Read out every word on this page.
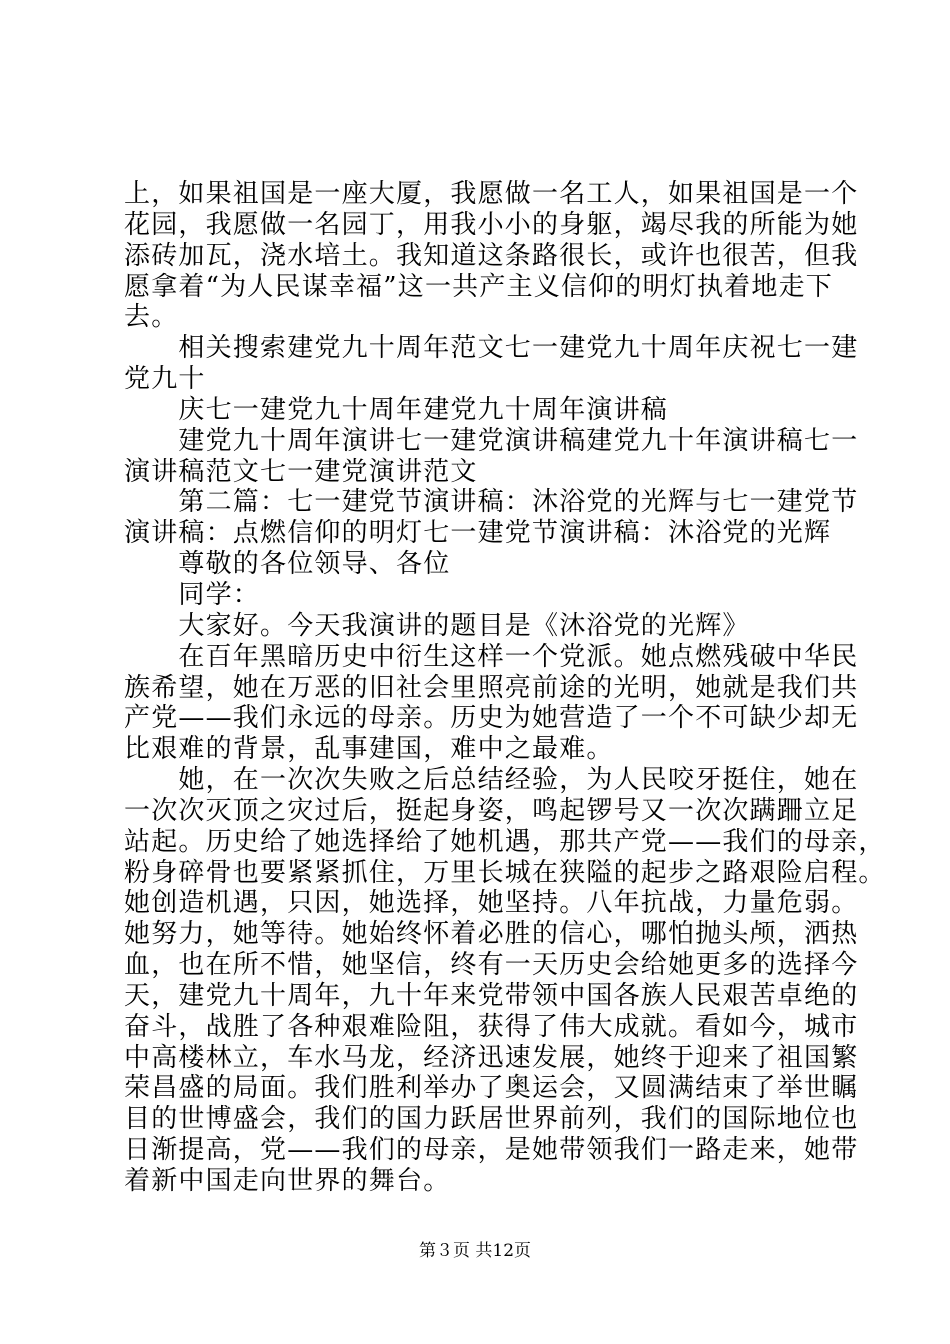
上，如果祖国是一座大厦，我愿做一名工人，如果祖国是一个
花园，我愿做一名园丁，用我小小的身躯，竭尽我的所能为她
添砖加瓦，浇水培土。我知道这条路很长，或许也很苦，但我
愿拿着“为人民谋幸福”这一共产主义信仰的明灯执着地走下
去。
　　相关搜索建党九十周年范文七一建党九十周年庆祝七一建
党九十
　　庆七一建党九十周年建党九十周年演讲稿
　　建党九十周年演讲七一建党演讲稿建党九十年演讲稿七一
演讲稿范文七一建党演讲范文
　　第二篇：七一建党节演讲稿：沐浴党的光辉与七一建党节
演讲稿：点燃信仰的明灯七一建党节演讲稿：沐浴党的光辉
　　尊敬的各位领导、各位
　　同学：
　　大家好。今天我演讲的题目是《沐浴党的光辉》
　　在百年黑暗历史中衍生这样一个党派。她点燃残破中华民
族希望，她在万恶的旧社会里照亮前途的光明，她就是我们共
产党——我们永远的母亲。历史为她营造了一个不可缺少却无
比艰难的背景，乱事建国，难中之最难。
　　她，在一次次失败之后总结经验，为人民咬牙挺住，她在
一次次灭顶之灾过后，挺起身姿，鸣起锣号又一次次蹒跚立足
站起。历史给了她选择给了她机遇，那共产党——我们的母亲，
粉身碎骨也要紧紧抓住，万里长城在狭隘的起步之路艰险启程。
她创造机遇，只因，她选择，她坚持。八年抗战，力量危弱。
她努力，她等待。她始终怀着必胜的信心，哪怕抛头颅，洒热
血，也在所不惜，她坚信，终有一天历史会给她更多的选择今
天，建党九十周年，九十年来党带领中国各族人民艰苦卓绝的
奋斗，战胜了各种艰难险阻，获得了伟大成就。看如今，城市
中高楼林立，车水马龙，经济迅速发展，她终于迎来了祖国繁
荣昌盛的局面。我们胜利举办了奥运会，又圆满结束了举世瞩
目的世博盛会，我们的国力跃居世界前列，我们的国际地位也
日渐提高，党——我们的母亲，是她带领我们一路走来，她带
着新中国走向世界的舞台。
第３页 共12页
